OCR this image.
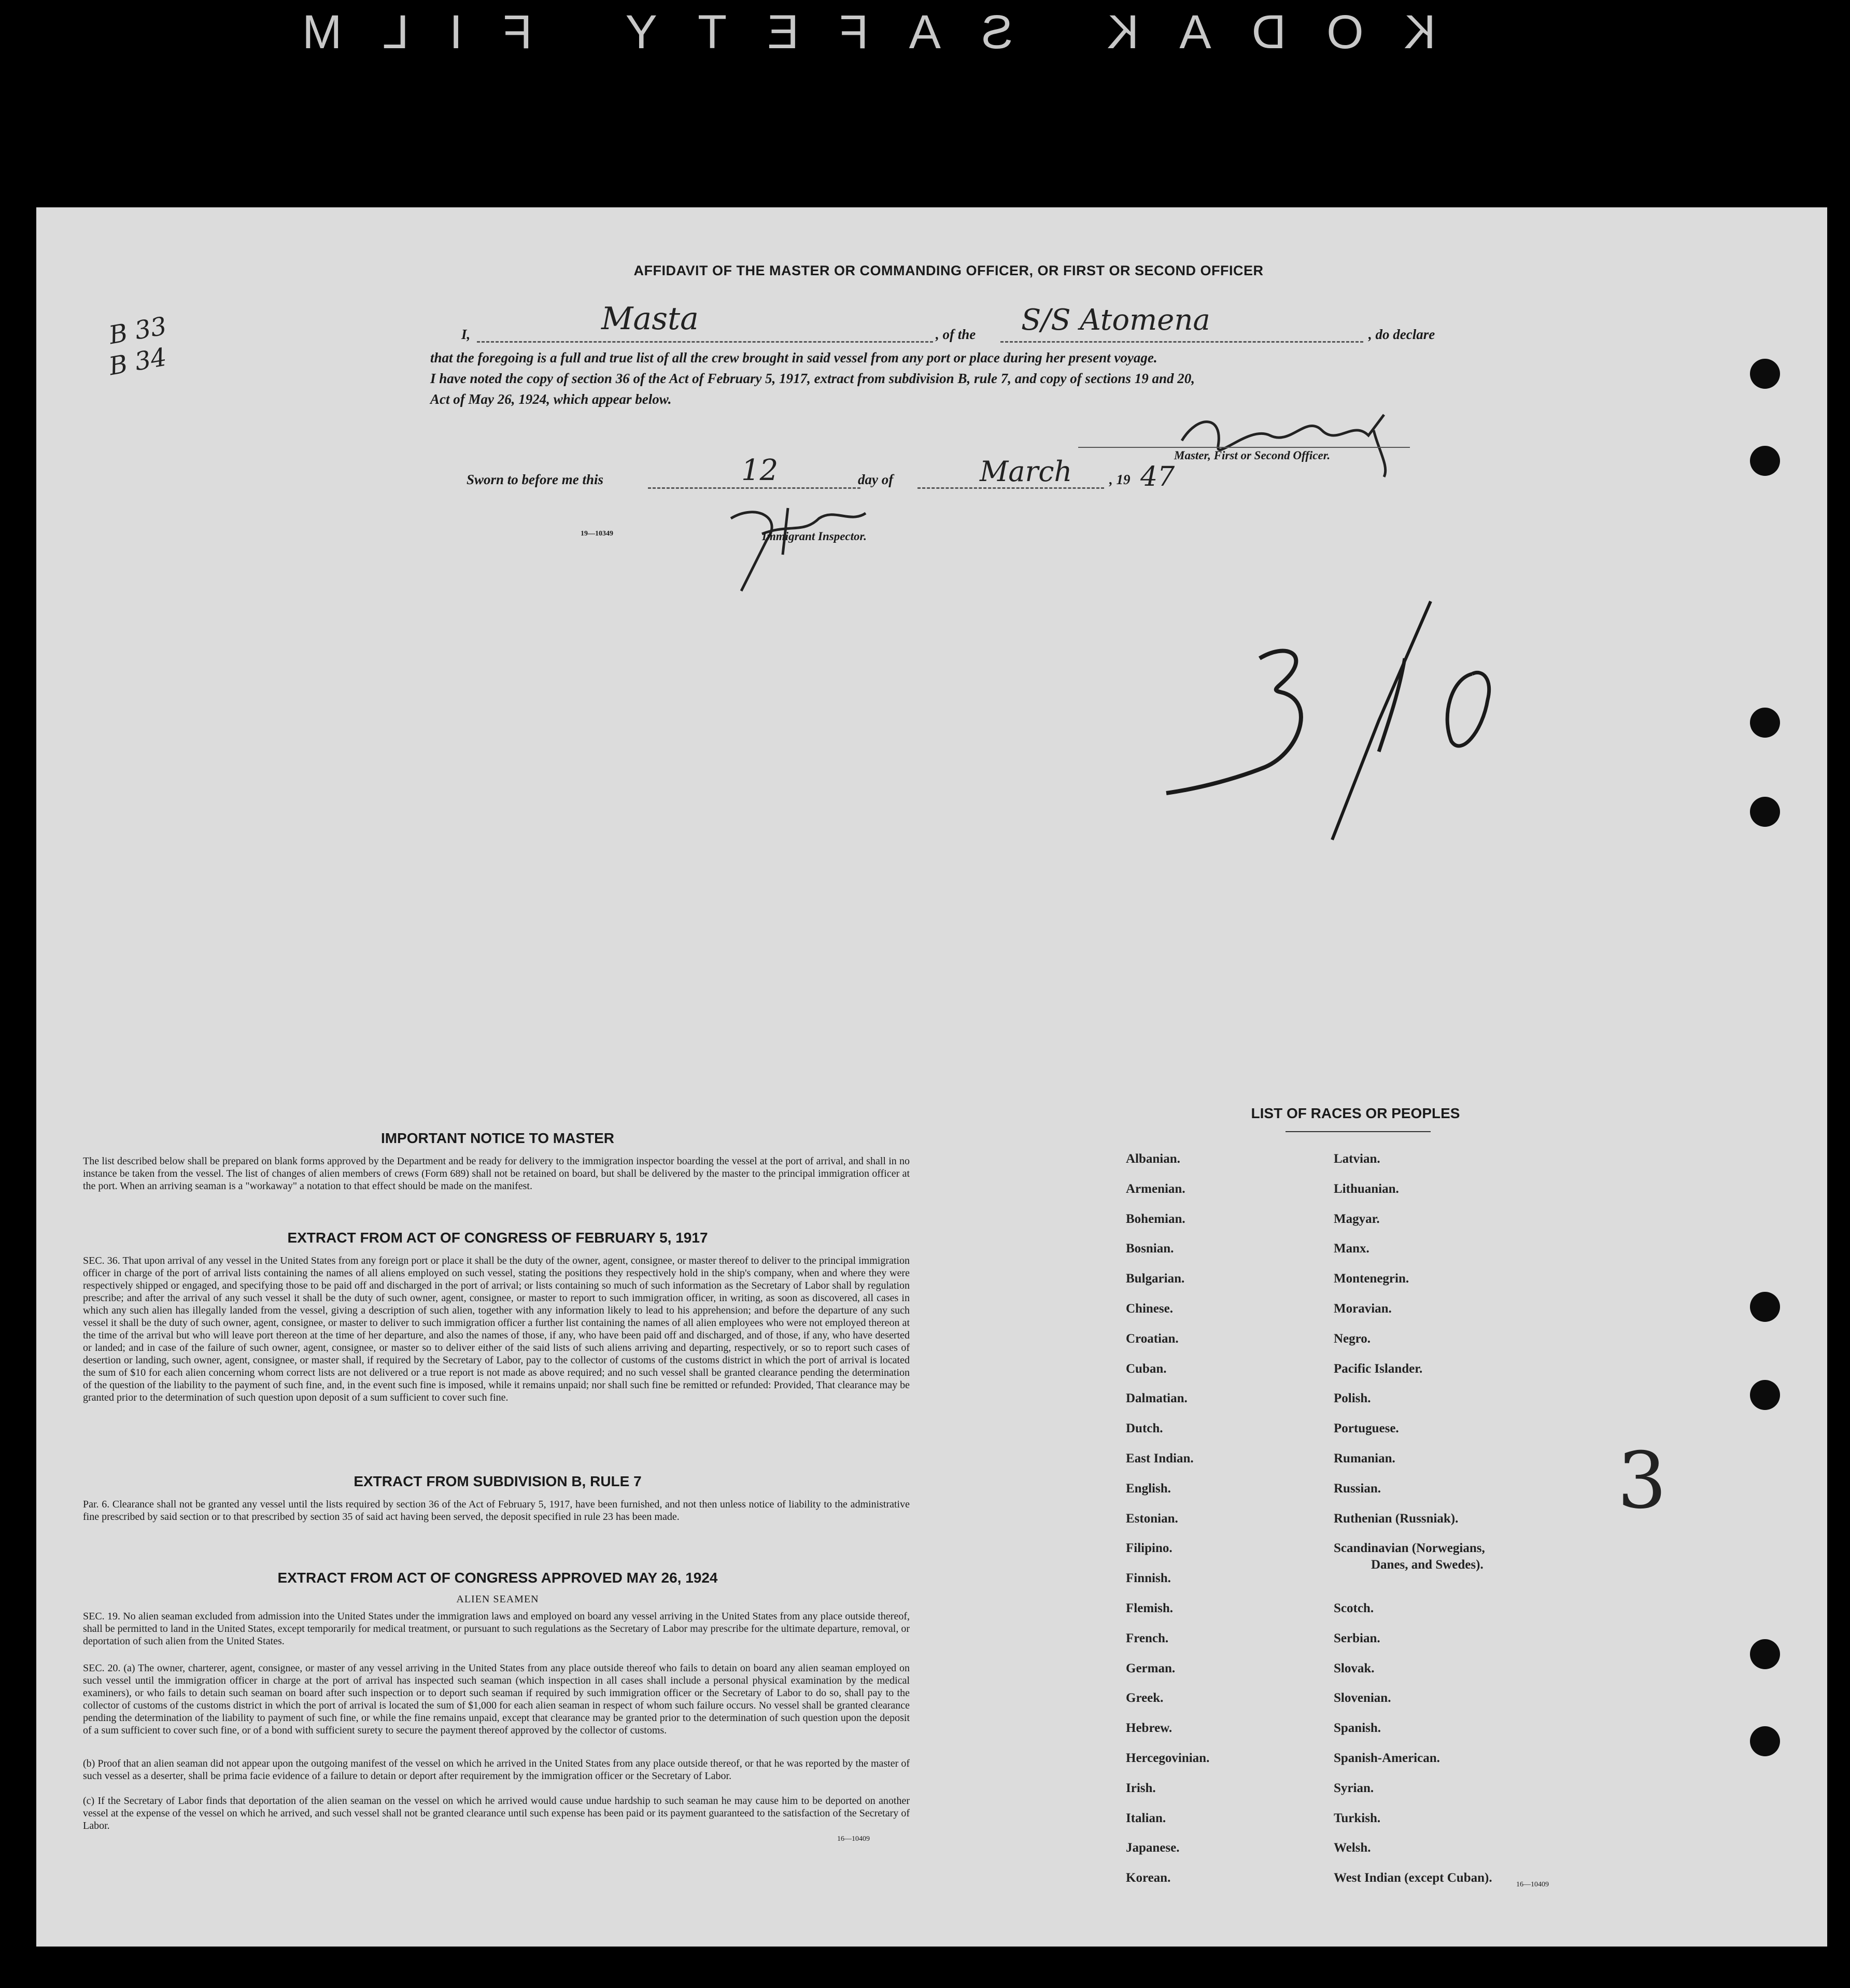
KODAK SAFETY FILM
B 33
B 34
AFFIDAVIT OF THE MASTER OR COMMANDING OFFICER, OR FIRST OR SECOND OFFICER
I,	Masta	, of the S/S Atomena	, do declare
that the foregoing is a full and true list of all the crew brought in said vessel from any port or place during her present voyage.
I have noted the copy of section 36 of the Act of February 5, 1917, extract from subdivision B, rule 7, and copy of sections 19 and 20,
Act of May 26, 1924, which appear below.
Master, First or Second Officer.
Sworn to before me this	12	day of	March	, 19 47
19—10349	Immigrant Inspector.
3
IMPORTANT NOTICE TO MASTER
The list described below shall be prepared on blank forms approved by the Department and be ready for delivery to the immigration inspector boarding the vessel at the port of arrival, and shall in no instance be taken from the vessel. The list of changes of alien members of crews (Form 689) shall not be retained on board, but shall be delivered by the master to the principal immigration officer at the port. When an arriving seaman is a "workaway" a notation to that effect should be made on the manifest.
EXTRACT FROM ACT OF CONGRESS OF FEBRUARY 5, 1917
SEC. 36. That upon arrival of any vessel in the United States from any foreign port or place it shall be the duty of the owner, agent, consignee, or master thereof to deliver to the principal immigration officer in charge of the port of arrival lists containing the names of all aliens employed on such vessel, stating the positions they respectively hold in the ship's company, when and where they were respectively shipped or engaged, and specifying those to be paid off and discharged in the port of arrival; or lists containing so much of such information as the Secretary of Labor shall by regulation prescribe; and after the arrival of any such vessel it shall be the duty of such owner, agent, consignee, or master to report to such immigration officer, in writing, as soon as discovered, all cases in which any such alien has illegally landed from the vessel, giving a description of such alien, together with any information likely to lead to his apprehension; and before the departure of any such vessel it shall be the duty of such owner, agent, consignee, or master to deliver to such immigration officer a further list containing the names of all alien employees who were not employed thereon at the time of the arrival but who will leave port thereon at the time of her departure, and also the names of those, if any, who have been paid off and discharged, and of those, if any, who have deserted or landed; and in case of the failure of such owner, agent, consignee, or master so to deliver either of the said lists of such aliens arriving and departing, respectively, or so to report such cases of desertion or landing, such owner, agent, consignee, or master shall, if required by the Secretary of Labor, pay to the collector of customs of the customs district in which the port of arrival is located the sum of $10 for each alien concerning whom correct lists are not delivered or a true report is not made as above required; and no such vessel shall be granted clearance pending the determination of the question of the liability to the payment of such fine, and, in the event such fine is imposed, while it remains unpaid; nor shall such fine be remitted or refunded: Provided, That clearance may be granted prior to the determination of such question upon deposit of a sum sufficient to cover such fine.
EXTRACT FROM SUBDIVISION B, RULE 7
Par. 6. Clearance shall not be granted any vessel until the lists required by section 36 of the Act of February 5, 1917, have been furnished, and not then unless notice of liability to the administrative fine prescribed by said section or to that prescribed by section 35 of said act having been served, the deposit specified in rule 23 has been made.
EXTRACT FROM ACT OF CONGRESS APPROVED MAY 26, 1924
ALIEN SEAMEN
SEC. 19. No alien seaman excluded from admission into the United States under the immigration laws and employed on board any vessel arriving in the United States from any place outside thereof, shall be permitted to land in the United States, except temporarily for medical treatment, or pursuant to such regulations as the Secretary of Labor may prescribe for the ultimate departure, removal, or deportation of such alien from the United States.
SEC. 20. (a) The owner, charterer, agent, consignee, or master of any vessel arriving in the United States from any place outside thereof who fails to detain on board any alien seaman employed on such vessel until the immigration officer in charge at the port of arrival has inspected such seaman (which inspection in all cases shall include a personal physical examination by the medical examiners), or who fails to detain such seaman on board after such inspection or to deport such seaman if required by such immigration officer or the Secretary of Labor to do so, shall pay to the collector of customs of the customs district in which the port of arrival is located the sum of $1,000 for each alien seaman in respect of whom such failure occurs. No vessel shall be granted clearance pending the determination of the liability to payment of such fine, or while the fine remains unpaid, except that clearance may be granted prior to the determination of such question upon the deposit of a sum sufficient to cover such fine, or of a bond with sufficient surety to secure the payment thereof approved by the collector of customs.
(b) Proof that an alien seaman did not appear upon the outgoing manifest of the vessel on which he arrived in the United States from any place outside thereof, or that he was reported by the master of such vessel as a deserter, shall be prima facie evidence of a failure to detain or deport after requirement by the immigration officer or the Secretary of Labor.
(c) If the Secretary of Labor finds that deportation of the alien seaman on the vessel on which he arrived would cause undue hardship to such seaman he may cause him to be deported on another vessel at the expense of the vessel on which he arrived, and such vessel shall not be granted clearance until such expense has been paid or its payment guaranteed to the satisfaction of the Secretary of Labor.
16—10409
LIST OF RACES OR PEOPLES
16—10409
Albanian.
Armenian.
Bohemian.
Bosnian.
Bulgarian.
Chinese.
Croatian.
Cuban.
Dalmatian.
Dutch.
East Indian.
English.
Estonian.
Filipino.
Finnish.
Flemish.
French.
German.
Greek.
Hebrew.
Hercegovinian.
Irish.
Italian.
Japanese.
Korean.
Latvian.
Lithuanian.
Magyar.
Manx.
Montenegrin.
Moravian.
Negro.
Pacific Islander.
Polish.
Portuguese.
Rumanian.
Russian.
Ruthenian (Russniak).
Scandinavian (Norwegians,
Danes, and Swedes).
Scotch.
Serbian.
Slovak.
Slovenian.
Spanish.
Spanish-American.
Syrian.
Turkish.
Welsh.
West Indian (except Cuban).
